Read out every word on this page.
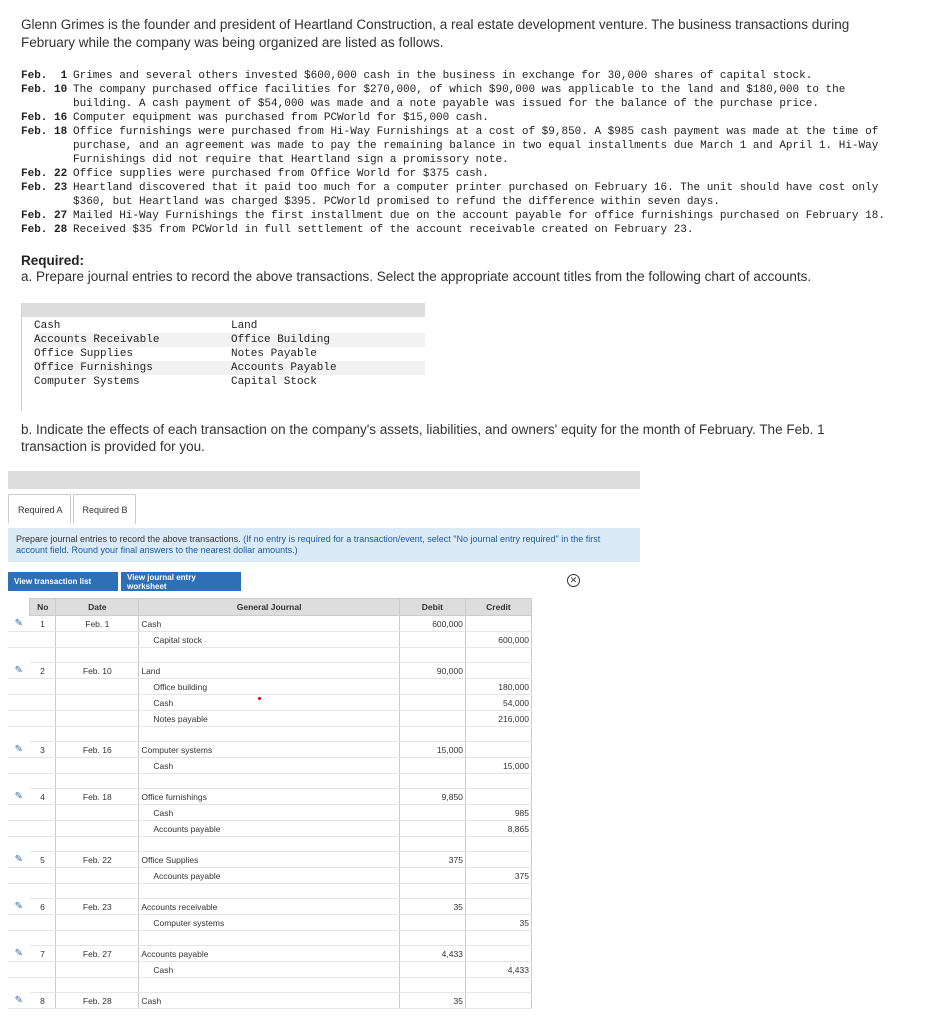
Glenn Grimes is the founder and president of Heartland Construction, a real estate development venture. The business transactions during February while the company was being organized are listed as follows.
Feb.  1 Grimes and several others invested $600,000 cash in the business in exchange for 30,000 shares of capital stock.
Feb. 10 The company purchased office facilities for $270,000, of which $90,000 was applicable to the land and $180,000 to the building. A cash payment of $54,000 was made and a note payable was issued for the balance of the purchase price.
Feb. 16 Computer equipment was purchased from PCWorld for $15,000 cash.
Feb. 18 Office furnishings were purchased from Hi-Way Furnishings at a cost of $9,850. A $985 cash payment was made at the time of purchase, and an agreement was made to pay the remaining balance in two equal installments due March 1 and April 1. Hi-Way Furnishings did not require that Heartland sign a promissory note.
Feb. 22 Office supplies were purchased from Office World for $375 cash.
Feb. 23 Heartland discovered that it paid too much for a computer printer purchased on February 16. The unit should have cost only $360, but Heartland was charged $395. PCWorld promised to refund the difference within seven days.
Feb. 27 Mailed Hi-Way Furnishings the first installment due on the account payable for office furnishings purchased on February 18.
Feb. 28 Received $35 from PCWorld in full settlement of the account receivable created on February 23.
Required:
a. Prepare journal entries to record the above transactions. Select the appropriate account titles from the following chart of accounts.
Cash	Land
Accounts Receivable	Office Building
Office Supplies	Notes Payable
Office Furnishings	Accounts Payable
Computer Systems	Capital Stock
b. Indicate the effects of each transaction on the company's assets, liabilities, and owners' equity for the month of February. The Feb. 1 transaction is provided for you.
Required A	Required B
Prepare journal entries to record the above transactions. (If no entry is required for a transaction/event, select "No journal entry required" in the first account field. Round your final answers to the nearest dollar amounts.)
View transaction list	View journal entry worksheet
✕
	No	Date	General Journal	Debit	Credit
✎	1	Feb. 1	Cash	600,000	
			Capital stock		600,000

✎	2	Feb. 10	Land	90,000	
			Office building		180,000
			Cash		54,000
			Notes payable		216,000

✎	3	Feb. 16	Computer systems	15,000	
			Cash		15,000

✎	4	Feb. 18	Office furnishings	9,850	
			Cash		985
			Accounts payable		8,865

✎	5	Feb. 22	Office Supplies	375	
			Accounts payable		375

✎	6	Feb. 23	Accounts receivable	35	
			Computer systems		35

✎	7	Feb. 27	Accounts payable	4,433	
			Cash		4,433

✎	8	Feb. 28	Cash	35	
